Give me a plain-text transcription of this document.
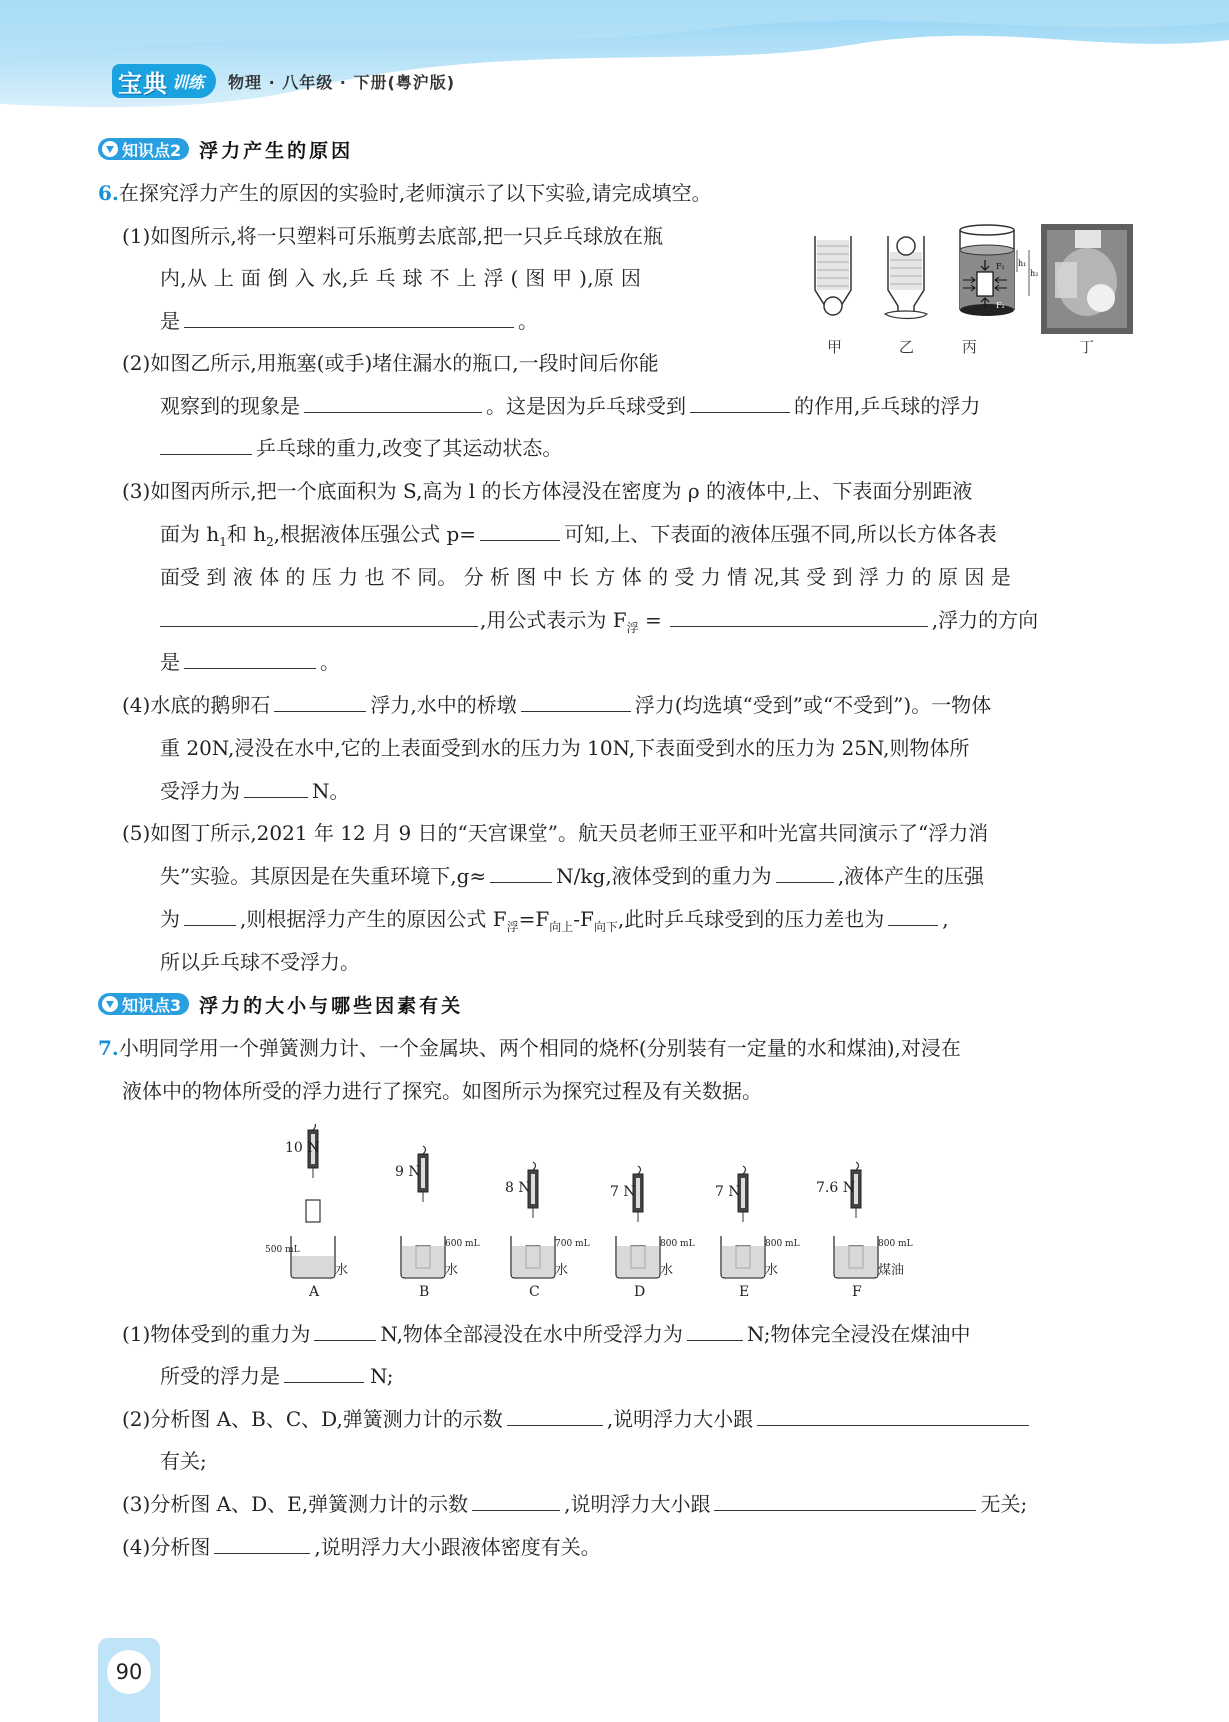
宝典 训练 物理 · 八年级 · 下册(粤沪版)
知识点2 浮力产生的原因
6.在探究浮力产生的原因的实验时,老师演示了以下实验,请完成填空。
(1)如图所示,将一只塑料可乐瓶剪去底部,把一只乒乓球放在瓶
内,从 上 面 倒 入 水,乒 乓 球 不 上 浮 ( 图 甲 ),原 因
是	。
F₁
F₂
h₁
h₂
甲	乙	丙	丁
(2)如图乙所示,用瓶塞(或手)堵住漏水的瓶口,一段时间后你能
观察到的现象是	。这是因为乒乓球受到	的作用,乒乓球的浮力
乒乓球的重力,改变了其运动状态。
(3)如图丙所示,把一个底面积为 S,高为 l 的长方体浸没在密度为 ρ 的液体中,上、下表面分别距液
面为 $h_1$和 $h_2$,根据液体压强公式 p=	可知,上、下表面的液体压强不同,所以长方体各表
面受 到 液 体 的 压 力 也 不 同。 分 析 图 中 长 方 体 的 受 力 情 况,其 受 到 浮 力 的 原 因 是
,用公式表示为 $F_浮$ =	,浮力的方向
是	。
(4)水底的鹅卵石	浮力,水中的桥墩	浮力(均选填“受到”或“不受到”)。一物体
重 20N,浸没在水中,它的上表面受到水的压力为 10N,下表面受到水的压力为 25N,则物体所
受浮力为	N。
(5)如图丁所示,2021 年 12 月 9 日的“天宫课堂”。航天员老师王亚平和叶光富共同演示了“浮力消
失”实验。其原因是在失重环境下,g≈	N/kg,液体受到的重力为	,液体产生的压强
为	,则根据浮力产生的原因公式 $F_浮=F_{向上}-F_{向下}$,此时乒乓球受到的压力差也为	,
所以乒乓球不受浮力。
知识点3 浮力的大小与哪些因素有关
7.小明同学用一个弹簧测力计、一个金属块、两个相同的烧杯(分别装有一定量的水和煤油),对浸在
液体中的物体所受的浮力进行了探究。如图所示为探究过程及有关数据。
10 N
500 mL
水
A
9 N
600 mL
水
B
8 N
700 mL
水
C
7 N
800 mL
水
D
7 N
800 mL
水
E
7.6 N
800 mL
煤油
F
(1)物体受到的重力为	N,物体全部浸没在水中所受浮力为	N;物体完全浸没在煤油中
所受的浮力是	N;
(2)分析图 A、B、C、D,弹簧测力计的示数	,说明浮力大小跟
有关;
(3)分析图 A、D、E,弹簧测力计的示数	,说明浮力大小跟	无关;
(4)分析图	,说明浮力大小跟液体密度有关。
90
